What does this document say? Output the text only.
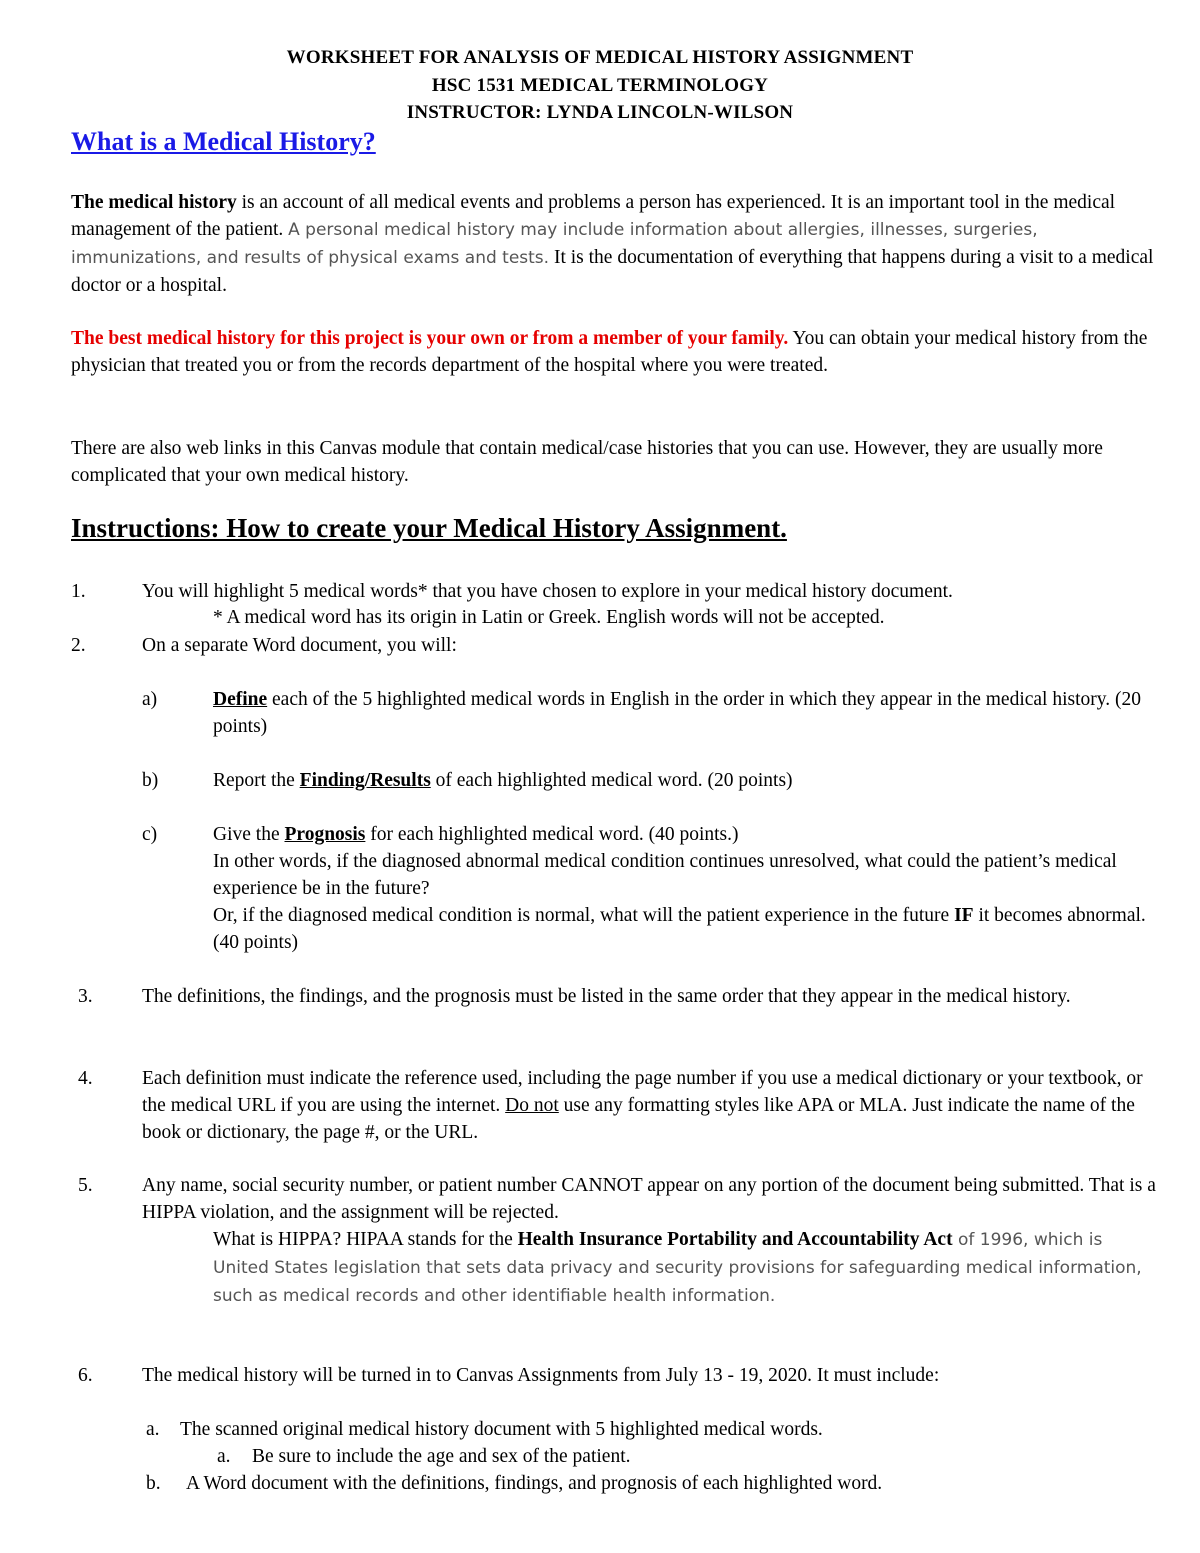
WORKSHEET FOR ANALYSIS OF MEDICAL HISTORY ASSIGNMENT
HSC 1531 MEDICAL TERMINOLOGY
INSTRUCTOR: LYNDA LINCOLN-WILSON
What is a Medical History?
The medical history is an account of all medical events and problems a person has experienced. It is an important tool in the medical management of the patient. A personal medical history may include information about allergies, illnesses, surgeries, immunizations, and results of physical exams and tests. It is the documentation of everything that happens during a visit to a medical doctor or a hospital.
The best medical history for this project is your own or from a member of your family. You can obtain your medical history from the physician that treated you or from the records department of the hospital where you were treated.
There are also web links in this Canvas module that contain medical/case histories that you can use. However, they are usually more complicated that your own medical history.
Instructions: How to create your Medical History Assignment.
1.	You will highlight 5 medical words* that you have chosen to explore in your medical history document.
* A medical word has its origin in Latin or Greek. English words will not be accepted.
2.	On a separate Word document, you will:
a)	Define each of the 5 highlighted medical words in English in the order in which they appear in the medical history. (20 points)
b)	Report the Finding/Results of each highlighted medical word. (20 points)
c)	Give the Prognosis for each highlighted medical word. (40 points.)
In other words, if the diagnosed abnormal medical condition continues unresolved, what could the patient’s medical experience be in the future?
Or, if the diagnosed medical condition is normal, what will the patient experience in the future IF it becomes abnormal. (40 points)
3.	The definitions, the findings, and the prognosis must be listed in the same order that they appear in the medical history.
4.	Each definition must indicate the reference used, including the page number if you use a medical dictionary or your textbook, or the medical URL if you are using the internet. Do not use any formatting styles like APA or MLA. Just indicate the name of the book or dictionary, the page #, or the URL.
5.	Any name, social security number, or patient number CANNOT appear on any portion of the document being submitted. That is a HIPPA violation, and the assignment will be rejected.
What is HIPPA? HIPAA stands for the Health Insurance Portability and Accountability Act of 1996, which is United States legislation that sets data privacy and security provisions for safeguarding medical information, such as medical records and other identifiable health information.
6.	The medical history will be turned in to Canvas Assignments from July 13 - 19, 2020. It must include:
a. The scanned original medical history document with 5 highlighted medical words.
a. Be sure to include the age and sex of the patient.
b. A Word document with the definitions, findings, and prognosis of each highlighted word.
